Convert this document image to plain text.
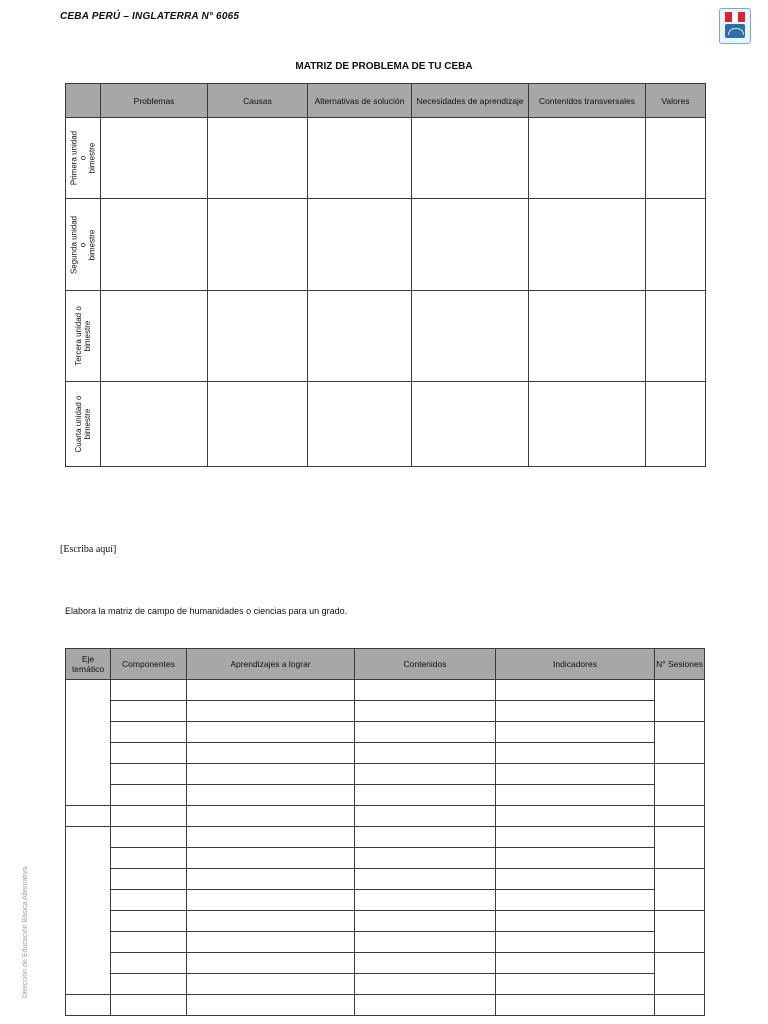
CEBA PERÚ – INGLATERRA N° 6065
MATRIZ DE PROBLEMA DE TU CEBA
	Problemas	Causas	Alternativas de solución	Necesidades de aprendizaje	Contenidos transversales	Valores

Primera unidad
o
bimestre						

Segunda unidad
o
bimestre						

Tercera unidad o
bimestre						

Cuarta unidad o
bimestre						

[Escriba aquí]
Elabora la matriz de campo de humanidades o ciencias para un grado.
Eje temático	Componentes	Aprendizajes a lograr	Contenidos	Indicadores	N° Sesiones

Dirección de Educación Básica Alternativa
